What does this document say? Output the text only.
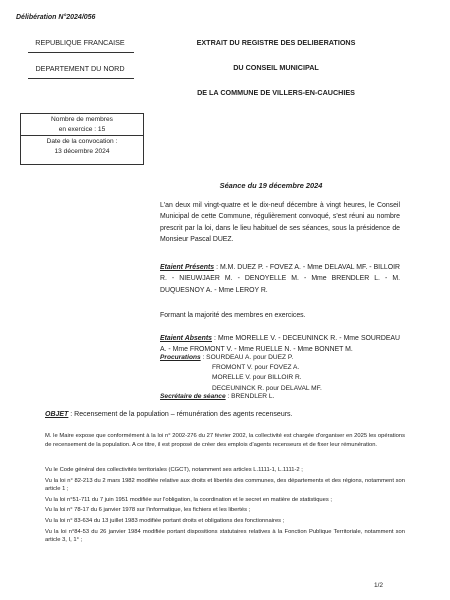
Délibération N°2024/056
REPUBLIQUE FRANCAISE
DEPARTEMENT DU NORD
Nombre de membres
en exercice : 15
Date de la convocation :
13 décembre 2024
EXTRAIT DU REGISTRE DES DELIBERATIONS
DU CONSEIL MUNICIPAL
DE LA COMMUNE DE VILLERS-EN-CAUCHIES
Séance du 19 décembre 2024
L'an deux mil vingt-quatre et le dix-neuf décembre à vingt heures, le Conseil Municipal de cette Commune, régulièrement convoqué, s'est réuni au nombre prescrit par la loi, dans le lieu habituel de ses séances, sous la présidence de Monsieur Pascal DUEZ.
Etaient Présents : M.M. DUEZ P. - FOVEZ A. - Mme DELAVAL MF. - BILLOIR R. - NIEUWJAER M. - DENOYELLE M. - Mme BRENDLER L. - M. DUQUESNOY A. - Mme LEROY R.
Formant la majorité des membres en exercices.
Etaient Absents : Mme MORELLE V. - DECEUNINCK R. - Mme SOURDEAU A. - Mme FROMONT V. - Mme RUELLE N. - Mme BONNET M.
Procurations : SOURDEAU A. pour DUEZ P.
FROMONT V. pour FOVEZ A.
MORELLE V. pour BILLOIR R.
DECEUNINCK R. pour DELAVAL MF.
Secrétaire de séance : BRENDLER L.
OBJET : Recensement de la population – rémunération des agents recenseurs.
M. le Maire expose que conformément à la loi n° 2002-276 du 27 février 2002, la collectivité est chargée d'organiser en 2025 les opérations de recensement de la population. A ce titre, il est proposé de créer des emplois d'agents recenseurs et de fixer leur rémunération.
Vu le Code général des collectivités territoriales (CGCT), notamment ses articles L.1111-1, L.1111-2 ;
Vu la loi n° 82-213 du 2 mars 1982 modifiée relative aux droits et libertés des communes, des départements et des régions, notamment son article 1 ;
Vu la loi n°51-711 du 7 juin 1951 modifiée sur l'obligation, la coordination et le secret en matière de statistiques ;
Vu la loi n° 78-17 du 6 janvier 1978 sur l'informatique, les fichiers et les libertés ;
Vu la loi n° 83-634 du 13 juillet 1983 modifiée portant droits et obligations des fonctionnaires ;
Vu la loi n°84-53 du 26 janvier 1984 modifiée portant dispositions statutaires relatives à la Fonction Publique Territoriale, notamment son article 3, I, 1° ;
1/2
